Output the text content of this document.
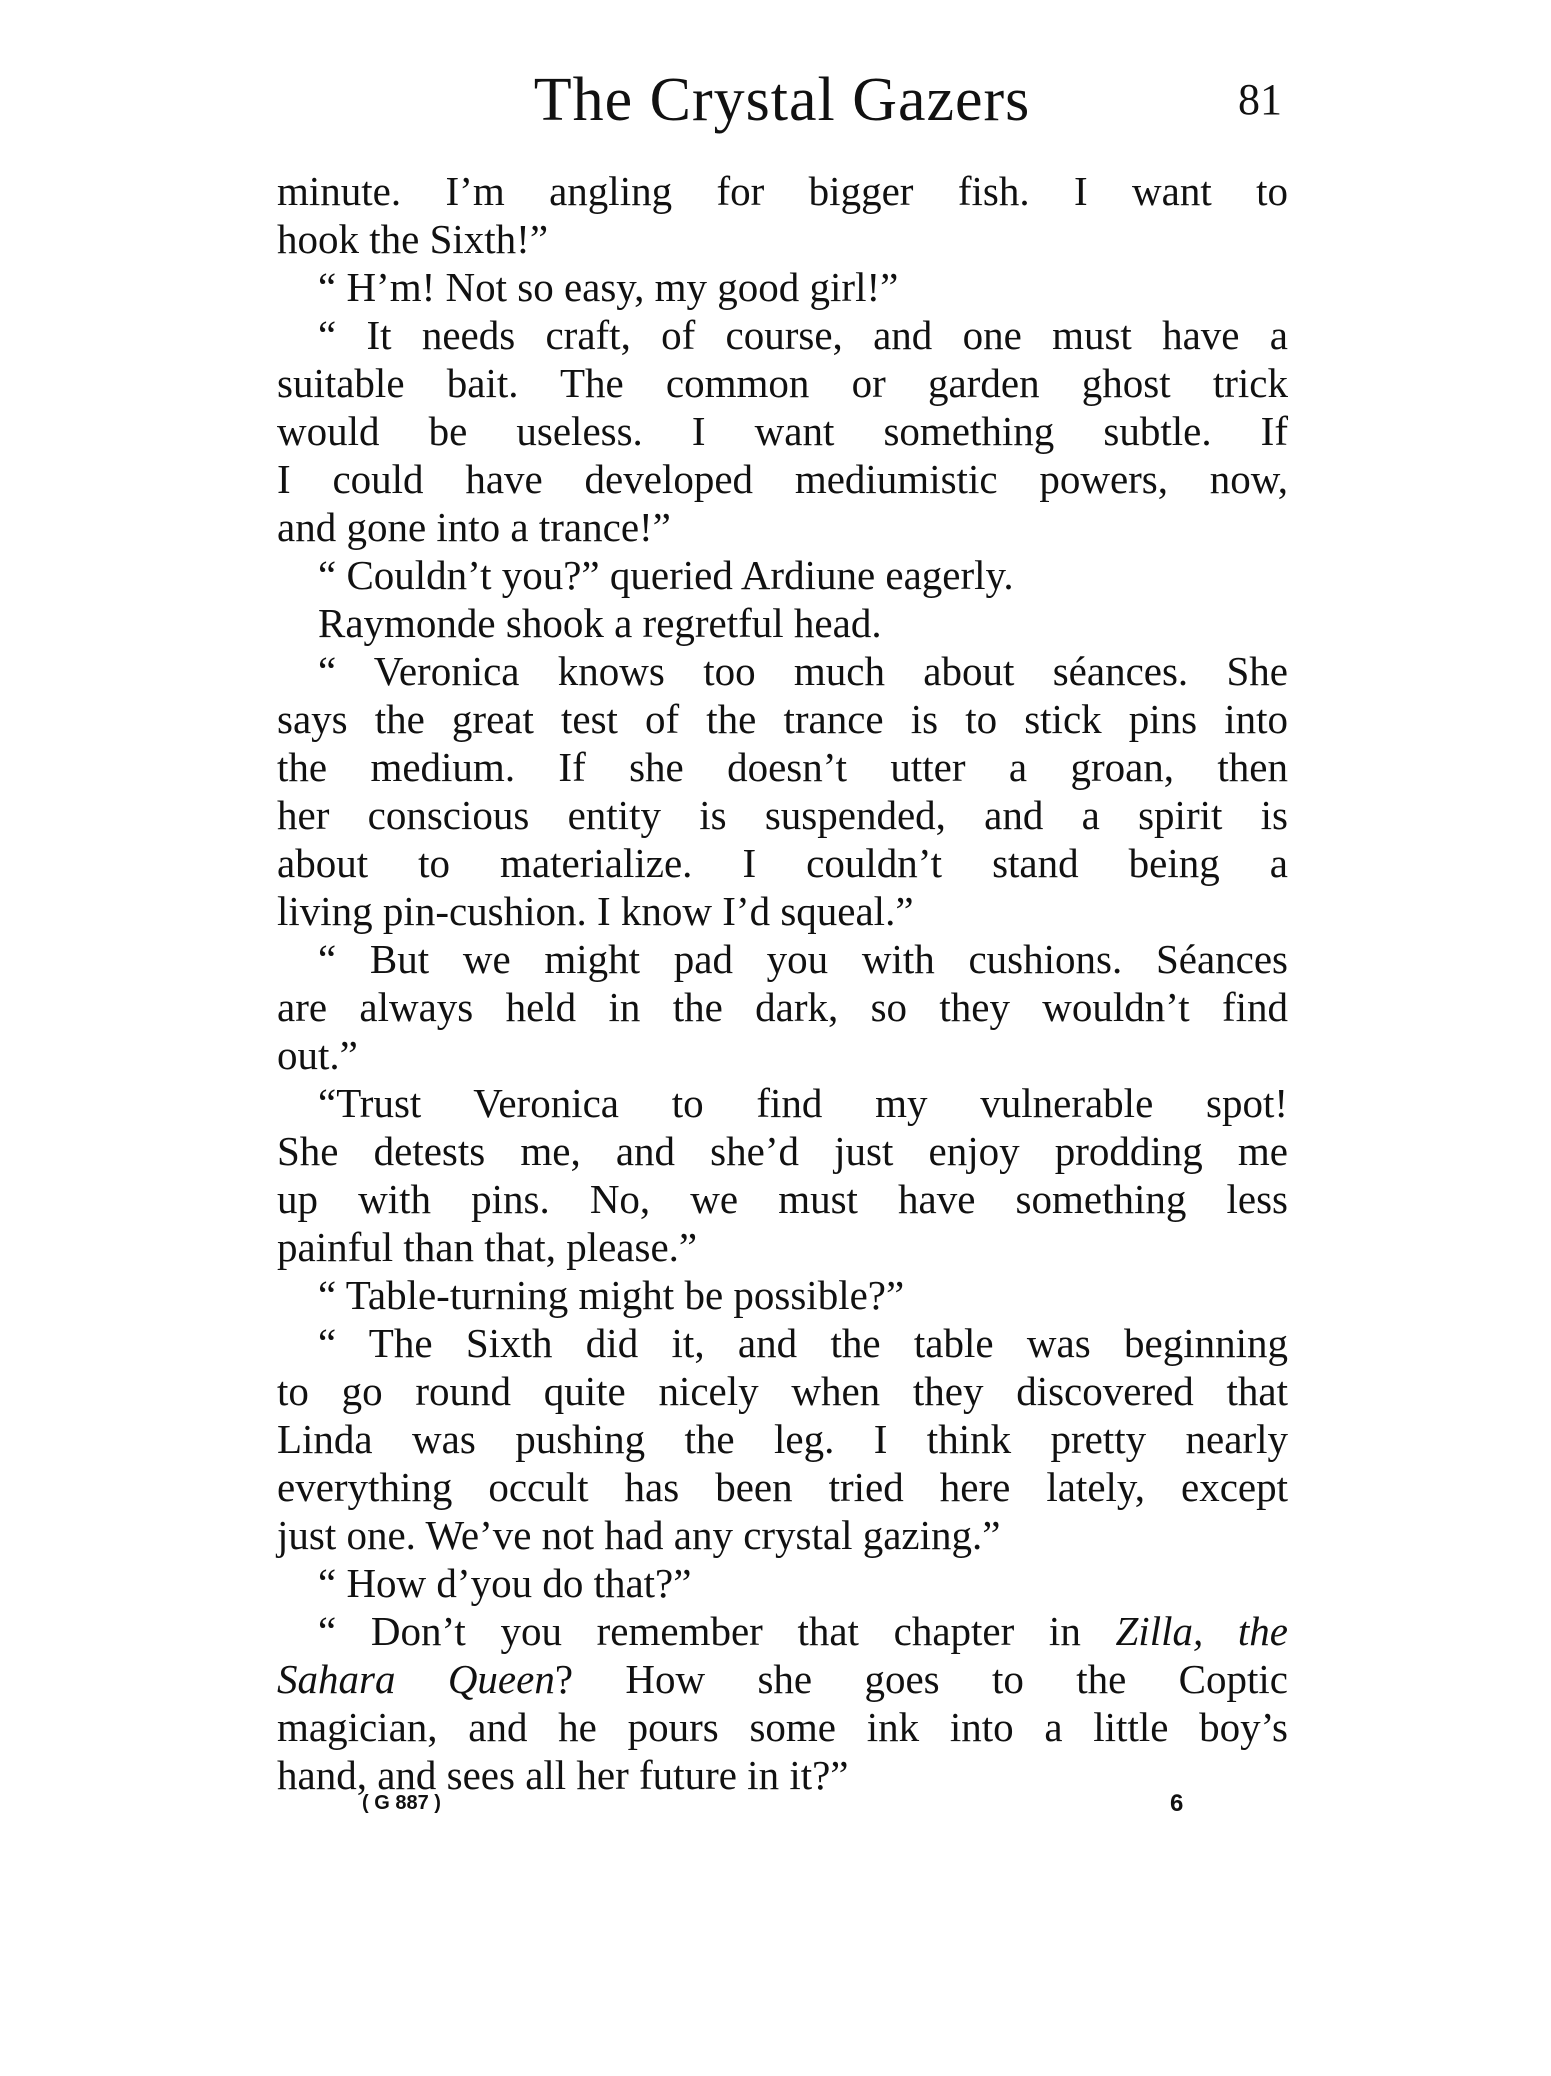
The Crystal Gazers	81
minute. I’m angling for bigger fish. I want to
hook the Sixth!”
“ H’m! Not so easy, my good girl!”
“ It needs craft, of course, and one must have a
suitable bait. The common or garden ghost trick
would be useless. I want something subtle. If
I could have developed mediumistic powers, now,
and gone into a trance!”
“ Couldn’t you?” queried Ardiune eagerly.
Raymonde shook a regretful head.
“ Veronica knows too much about séances. She
says the great test of the trance is to stick pins into
the medium. If she doesn’t utter a groan, then
her conscious entity is suspended, and a spirit is
about to materialize. I couldn’t stand being a
living pin-cushion. I know I’d squeal.”
“ But we might pad you with cushions. Séances
are always held in the dark, so they wouldn’t find
out.”
“Trust Veronica to find my vulnerable spot!
She detests me, and she’d just enjoy prodding me
up with pins. No, we must have something less
painful than that, please.”
“ Table-turning might be possible?”
“ The Sixth did it, and the table was beginning
to go round quite nicely when they discovered that
Linda was pushing the leg. I think pretty nearly
everything occult has been tried here lately, except
just one. We’ve not had any crystal gazing.”
“ How d’you do that?”
“ Don’t you remember that chapter in Zilla, the
Sahara Queen? How she goes to the Coptic
magician, and he pours some ink into a little boy’s
hand, and sees all her future in it?”
( G 887 )	6
